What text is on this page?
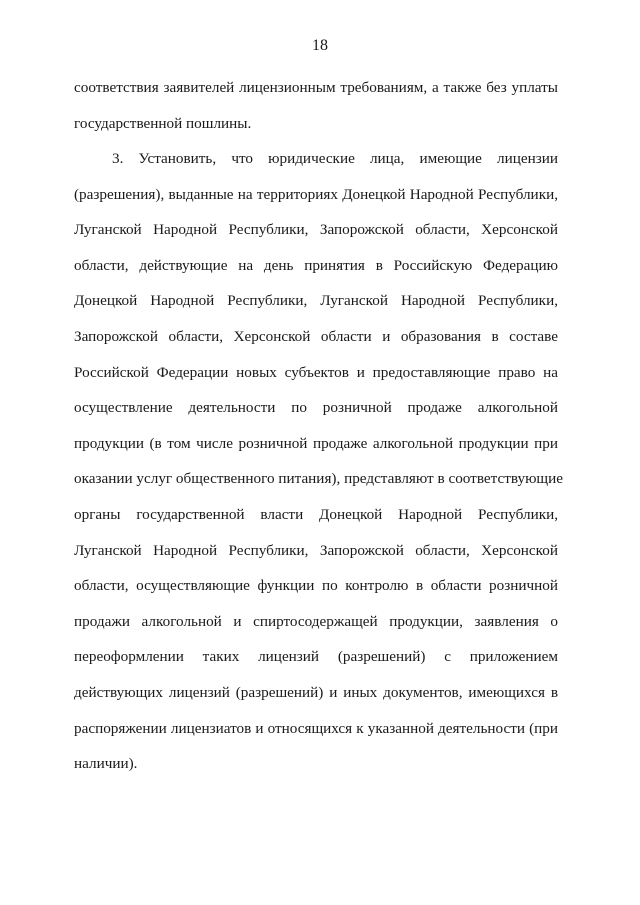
18
соответствия заявителей лицензионным требованиям, а также без уплаты
государственной пошлины.
3. Установить, что юридические лица, имеющие лицензии
(разрешения), выданные на территориях Донецкой Народной Республики,
Луганской Народной Республики, Запорожской области, Херсонской
области, действующие на день принятия в Российскую Федерацию
Донецкой Народной Республики, Луганской Народной Республики,
Запорожской области, Херсонской области и образования в составе
Российской Федерации новых субъектов и предоставляющие право на
осуществление деятельности по розничной продаже алкогольной
продукции (в том числе розничной продаже алкогольной продукции при
оказании услуг общественного питания), представляют в соответствующие
органы государственной власти Донецкой Народной Республики,
Луганской Народной Республики, Запорожской области, Херсонской
области, осуществляющие функции по контролю в области розничной
продажи алкогольной и спиртосодержащей продукции, заявления о
переоформлении таких лицензий (разрешений) с приложением
действующих лицензий (разрешений) и иных документов, имеющихся в
распоряжении лицензиатов и относящихся к указанной деятельности (при
наличии).
